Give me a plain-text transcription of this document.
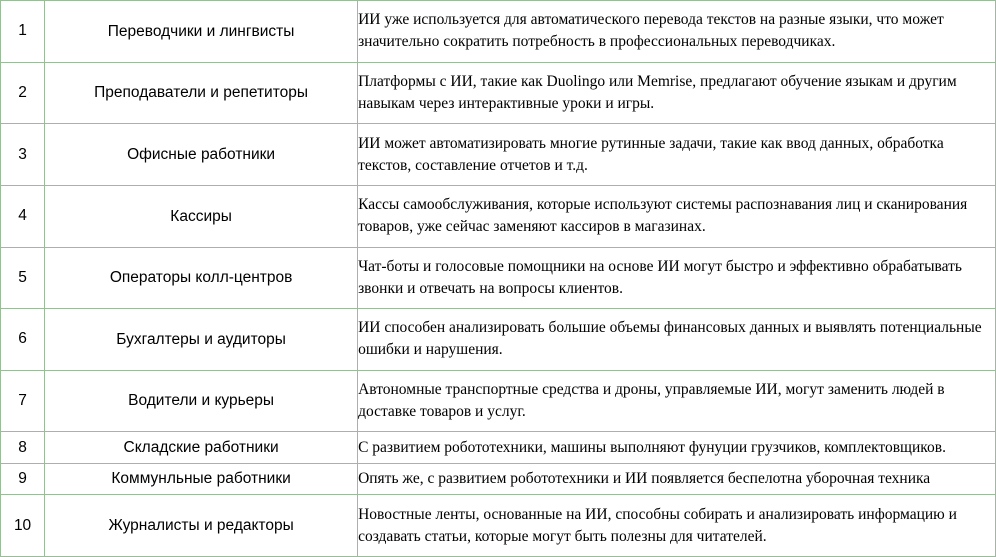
1	Переводчики и лингвисты	ИИ уже используется для автоматического перевода текстов на разные языки, что может значительно сократить потребность в профессиональных переводчиках.
2	Преподаватели и репетиторы	Платформы с ИИ, такие как Duolingo или Memrise, предлагают обучение языкам и другим навыкам через интерактивные уроки и игры.
3	Офисные работники	ИИ может автоматизировать многие рутинные задачи, такие как ввод данных, обработка текстов, составление отчетов и т.д.
4	Кассиры	Кассы самообслуживания, которые используют системы распознавания лиц и сканирования товаров, уже сейчас заменяют кассиров в магазинах.
5	Операторы колл-центров	Чат-боты и голосовые помощники на основе ИИ могут быстро и эффективно обрабатывать звонки и отвечать на вопросы клиентов.
6	Бухгалтеры и аудиторы	ИИ способен анализировать большие объемы финансовых данных и выявлять потенциальные ошибки и нарушения.
7	Водители и курьеры	Автономные транспортные средства и дроны, управляемые ИИ, могут заменить людей в доставке товаров и услуг.
8	Складские работники	С развитием робототехники, машины выполняют фунуции грузчиков, комплектовщиков.
9	Коммунльные работники	Опять же, с развитием робототехники и ИИ появляется беспелотна уборочная техника
10	Журналисты и редакторы	Новостные ленты, основанные на ИИ, способны собирать и анализировать информацию и создавать статьи, которые могут быть полезны для читателей.
